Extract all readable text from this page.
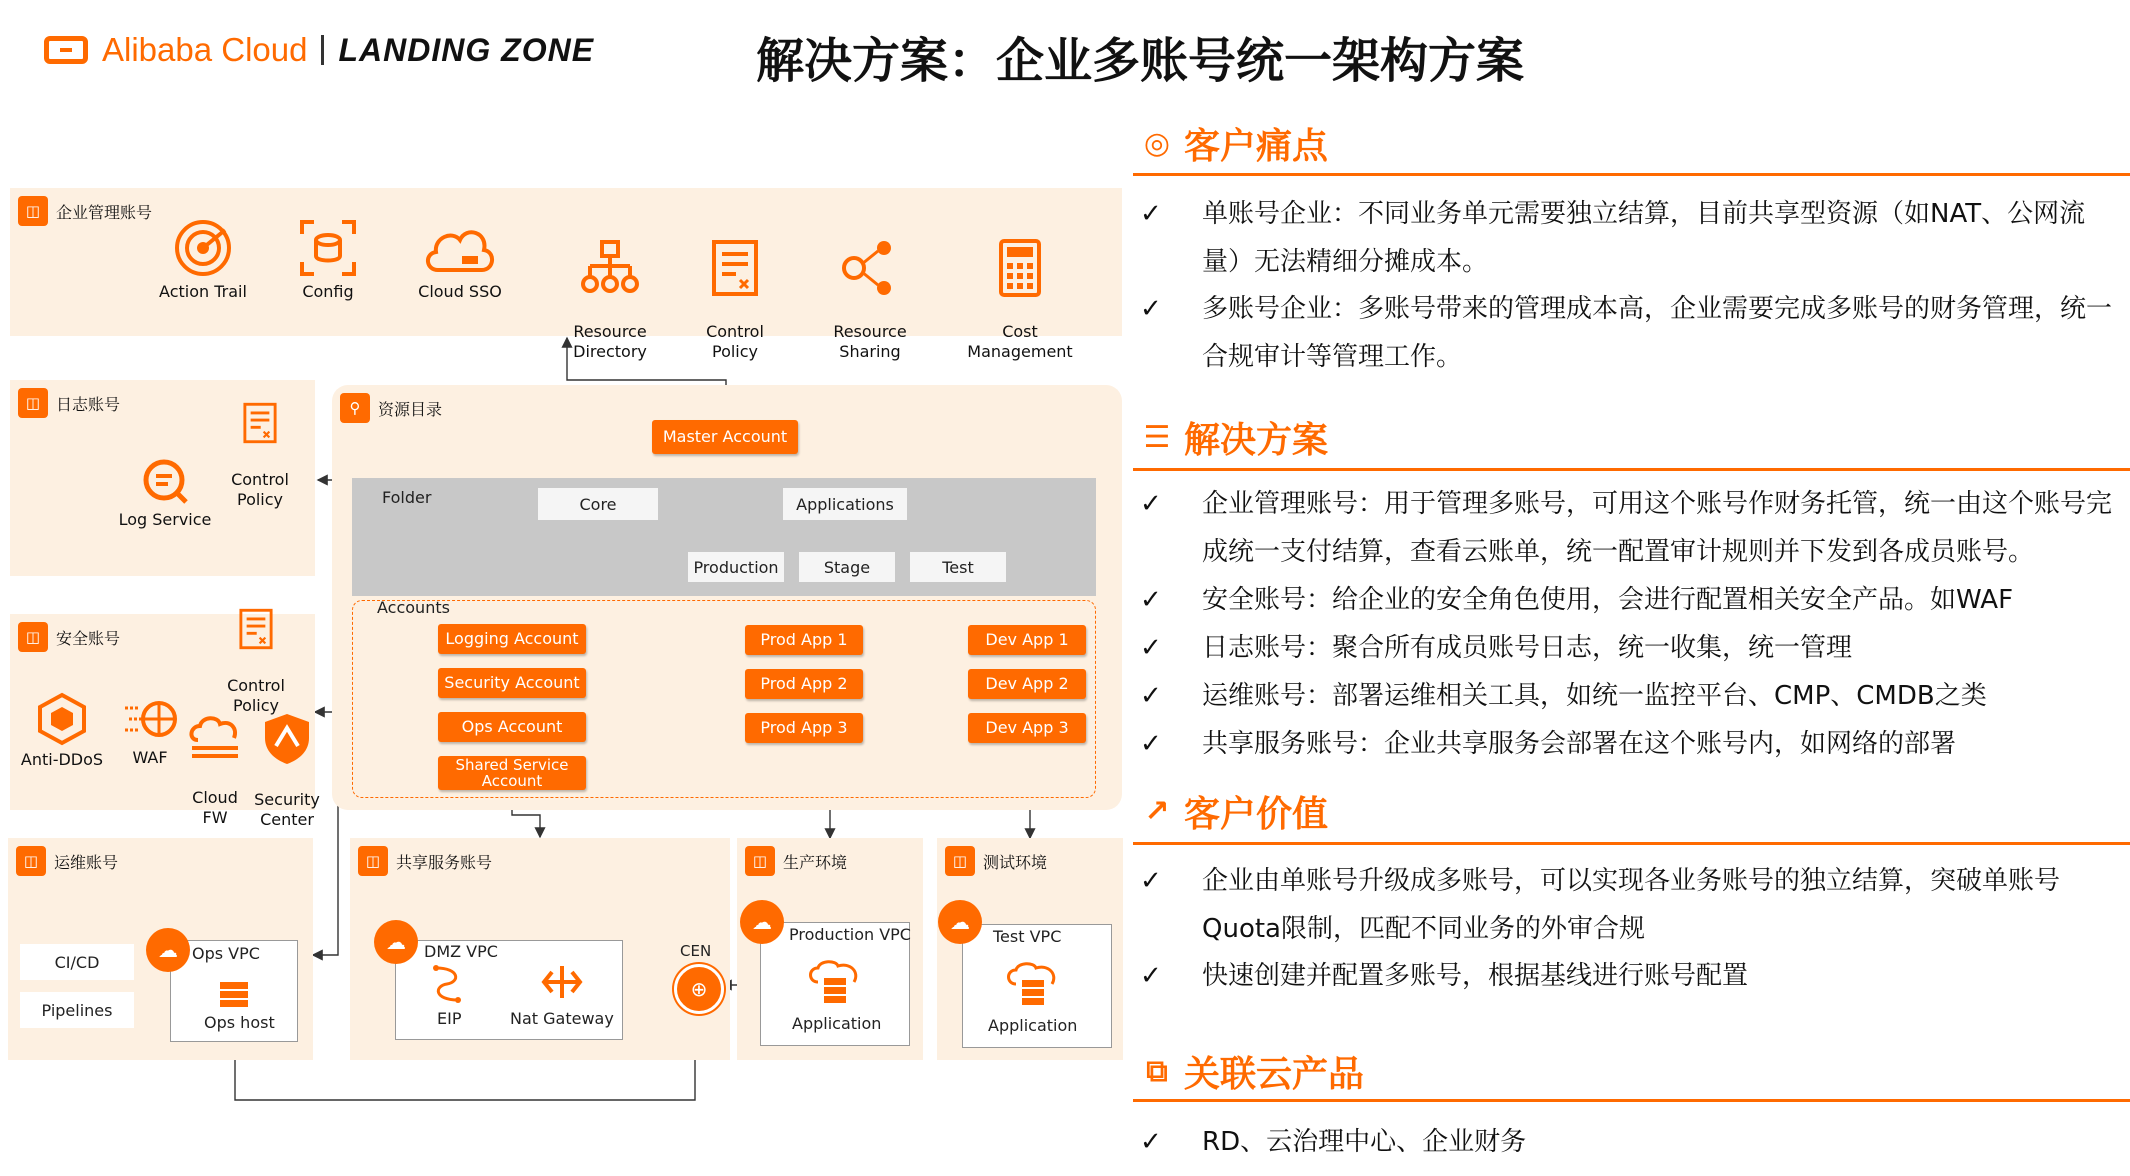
Alibaba Cloud LANDING ZONE	解决方案：企业多账号统一架构方案
◫ 企业管理账号
Action Trail	Config	Cloud SSO

Resource
Directory

Control
Policy

Resource
Sharing

Cost
Management

◫ 日志账号

Control
Policy

Log Service
◫ 安全账号

Control
Policy

Anti-DDoS	WAF

Cloud
FW

Security
Center

⚲	资源目录
Folder
Accounts
Master Account
Core	Applications
Production	Stage	Test
Logging Account
Security Account
Ops Account
Shared Service
Account
Prod App 1
Prod App 2
Prod App 3
Dev App 1
Dev App 2
Dev App 3
◫ 运维账号
CI/CD
Pipelines
☁ Ops VPC
Ops host
◫ 共享服务账号
☁	DMZ VPC
EIP	Nat Gateway
CEN
⊕
◫ 生产环境
☁
Production VPC
Application
◫ 测试环境
☁
Test VPC
Application
◎ 客户痛点
✓ 单账号企业：不同业务单元需要独立结算，目前共享型资源（如NAT、公网流量）无法精细分摊成本。
✓ 多账号企业：多账号带来的管理成本高，企业需要完成多账号的财务管理，统一合规审计等管理工作。
☰ 解决方案
✓ 企业管理账号：用于管理多账号，可用这个账号作财务托管，统一由这个账号完成统一支付结算，查看云账单，统一配置审计规则并下发到各成员账号。
✓ 安全账号：给企业的安全角色使用，会进行配置相关安全产品。如WAF
✓ 日志账号：聚合所有成员账号日志，统一收集，统一管理
✓ 运维账号：部署运维相关工具，如统一监控平台、CMP、CMDB之类
✓ 共享服务账号：企业共享服务会部署在这个账号内，如网络的部署
↗ 客户价值
✓ 企业由单账号升级成多账号，可以实现各业务账号的独立结算，突破单账号Quota限制，匹配不同业务的外审合规
✓ 快速创建并配置多账号，根据基线进行账号配置
⧉ 关联云产品
✓ RD、云治理中心、企业财务
